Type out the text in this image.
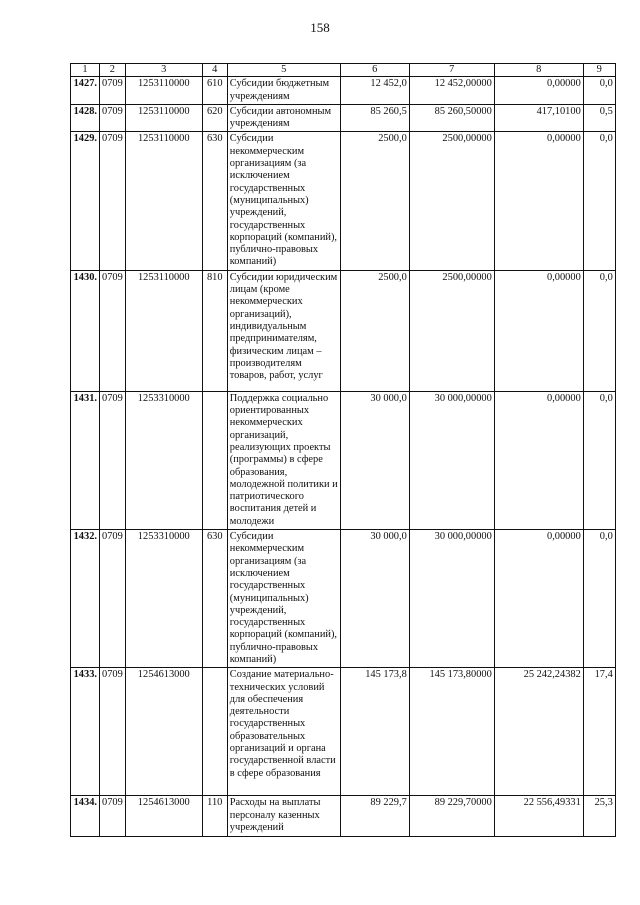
158
1	2	3	4	5	6	7	8	9
1427.	0709	1253110000	610	Субсидии бюджетным учреждениям	12 452,0	12 452,00000	0,00000	0,0
1428.	0709	1253110000	620	Субсидии автономным учреждениям	85 260,5	85 260,50000	417,10100	0,5
1429.	0709	1253110000	630	Субсидии некоммерческим организациям (за исключением государственных (муниципальных) учреждений, государственных корпораций (компаний), публично-правовых компаний)	2500,0	2500,00000	0,00000	0,0
1430.	0709	1253110000	810	Субсидии юридическим лицам (кроме некоммерческих организаций), индивидуальным предпринимателям, физическим лицам – производителям товаров, работ, услуг	2500,0	2500,00000	0,00000	0,0
1431.	0709	1253310000		Поддержка социально ориентированных некоммерческих организаций, реализующих проекты (программы) в сфере образования, молодежной политики и патриотического воспитания детей и молодежи	30 000,0	30 000,00000	0,00000	0,0
1432.	0709	1253310000	630	Субсидии некоммерческим организациям (за исключением государственных (муниципальных) учреждений, государственных корпораций (компаний), публично-правовых компаний)	30 000,0	30 000,00000	0,00000	0,0
1433.	0709	1254613000		Создание материально-технических условий для обеспечения деятельности государственных образовательных организаций и органа государственной власти в сфере образования	145 173,8	145 173,80000	25 242,24382	17,4
1434.	0709	1254613000	110	Расходы на выплаты персоналу казенных учреждений	89 229,7	89 229,70000	22 556,49331	25,3
